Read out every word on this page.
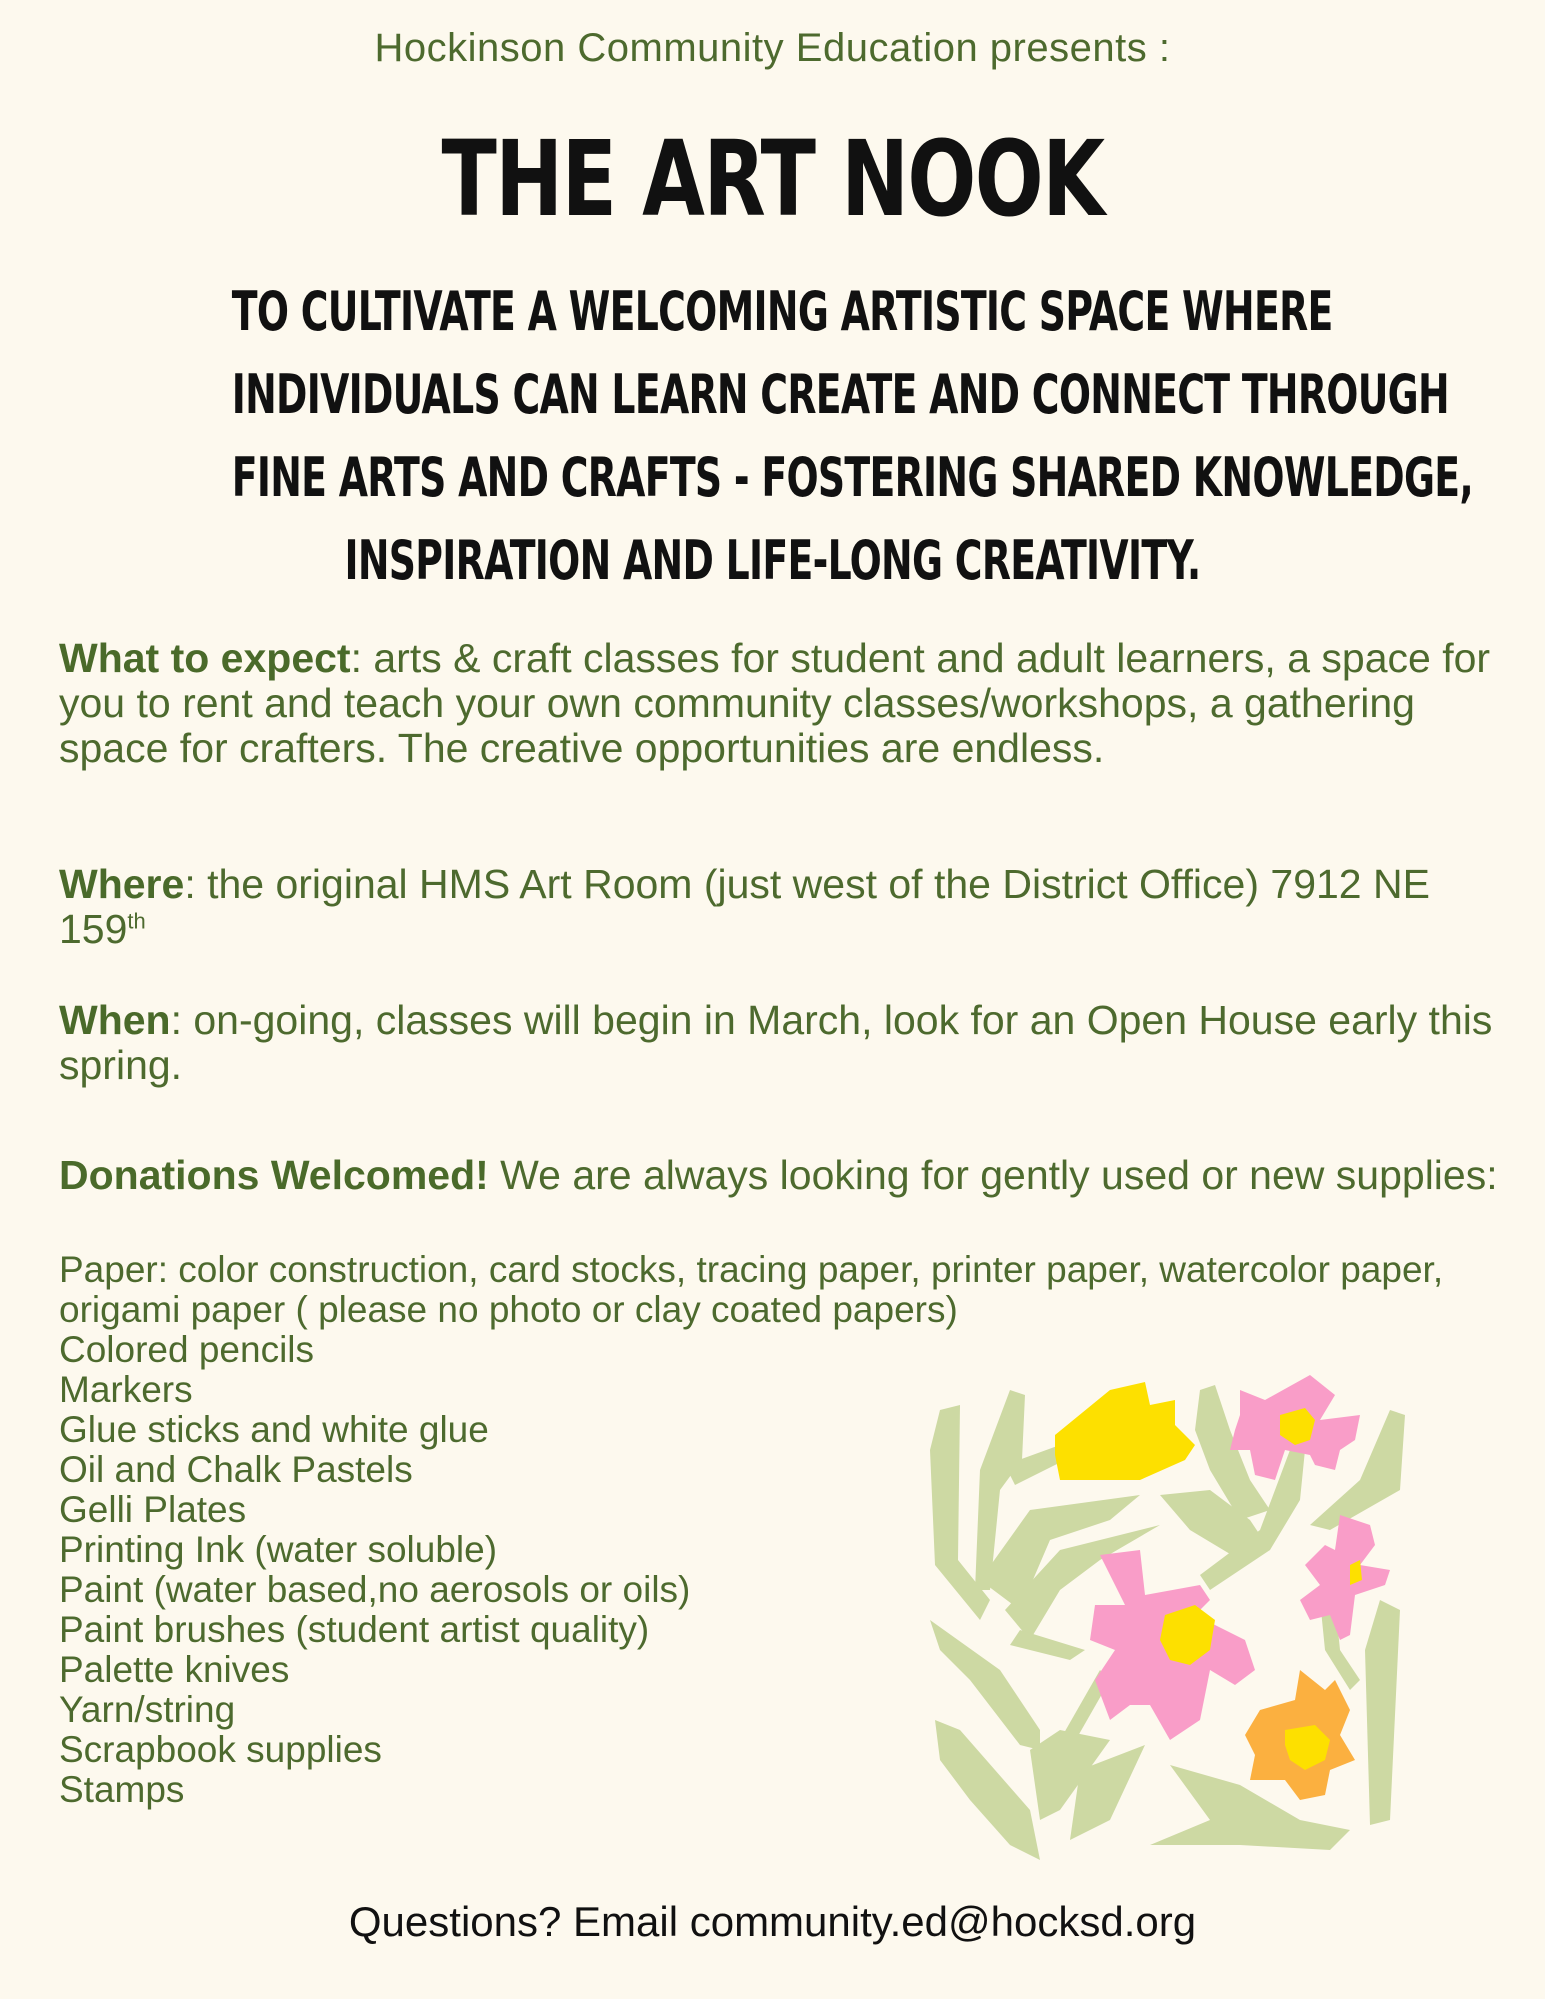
Hockinson Community Education presents :
THE ART NOOK
TO CULTIVATE A WELCOMING ARTISTIC SPACE WHERE
INDIVIDUALS CAN LEARN CREATE AND CONNECT THROUGH
FINE ARTS AND CRAFTS - FOSTERING SHARED KNOWLEDGE,
INSPIRATION AND LIFE-LONG CREATIVITY.
What to expect: arts & craft classes for student and adult learners, a space for you to rent and teach your own community classes/workshops, a gathering space for crafters. The creative opportunities are endless.
Where: the original HMS Art Room (just west of the District Office) 7912 NE 159th
When: on-going, classes will begin in March, look for an Open House early this spring.
Donations Welcomed! We are always looking for gently used or new supplies:
Paper: color construction, card stocks, tracing paper, printer paper, watercolor paper, origami paper ( please no photo or clay coated papers)
Colored pencils
Markers
Glue sticks and white glue
Oil and Chalk Pastels
Gelli Plates
Printing Ink (water soluble)
Paint (water based,no aerosols or oils)
Paint brushes (student artist quality)
Palette knives
Yarn/string
Scrapbook supplies
Stamps
Questions? Email community.ed@hocksd.org
